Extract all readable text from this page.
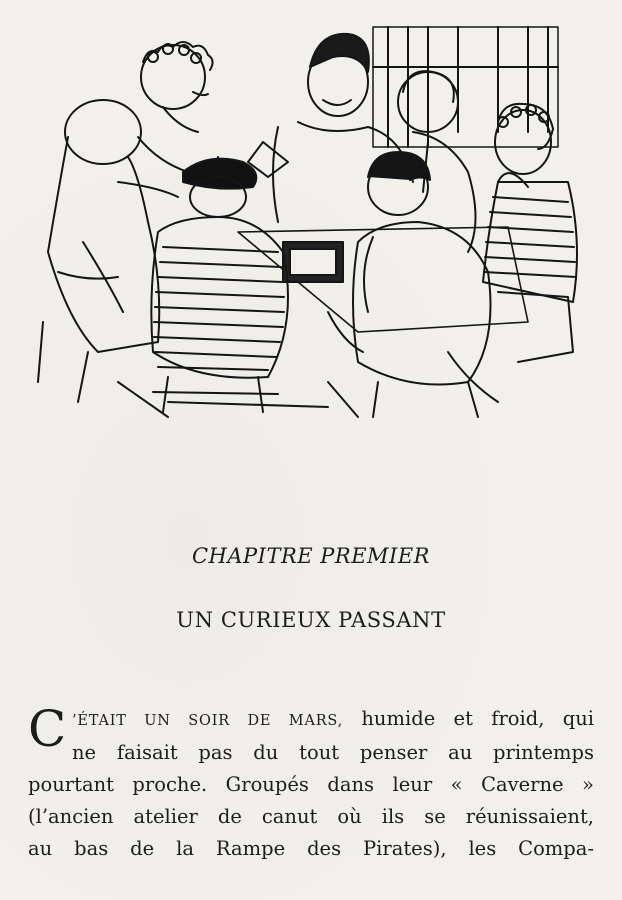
CHAPITRE PREMIER
UN CURIEUX PASSANT
C ’ÉTAIT UN SOIR DE MARS, humide et froid, qui
ne faisait pas du tout penser au printemps
pourtant proche. Groupés dans leur « Caverne »
(l’ancien atelier de canut où ils se réunissaient,
au bas de la Rampe des Pirates), les Compa-
